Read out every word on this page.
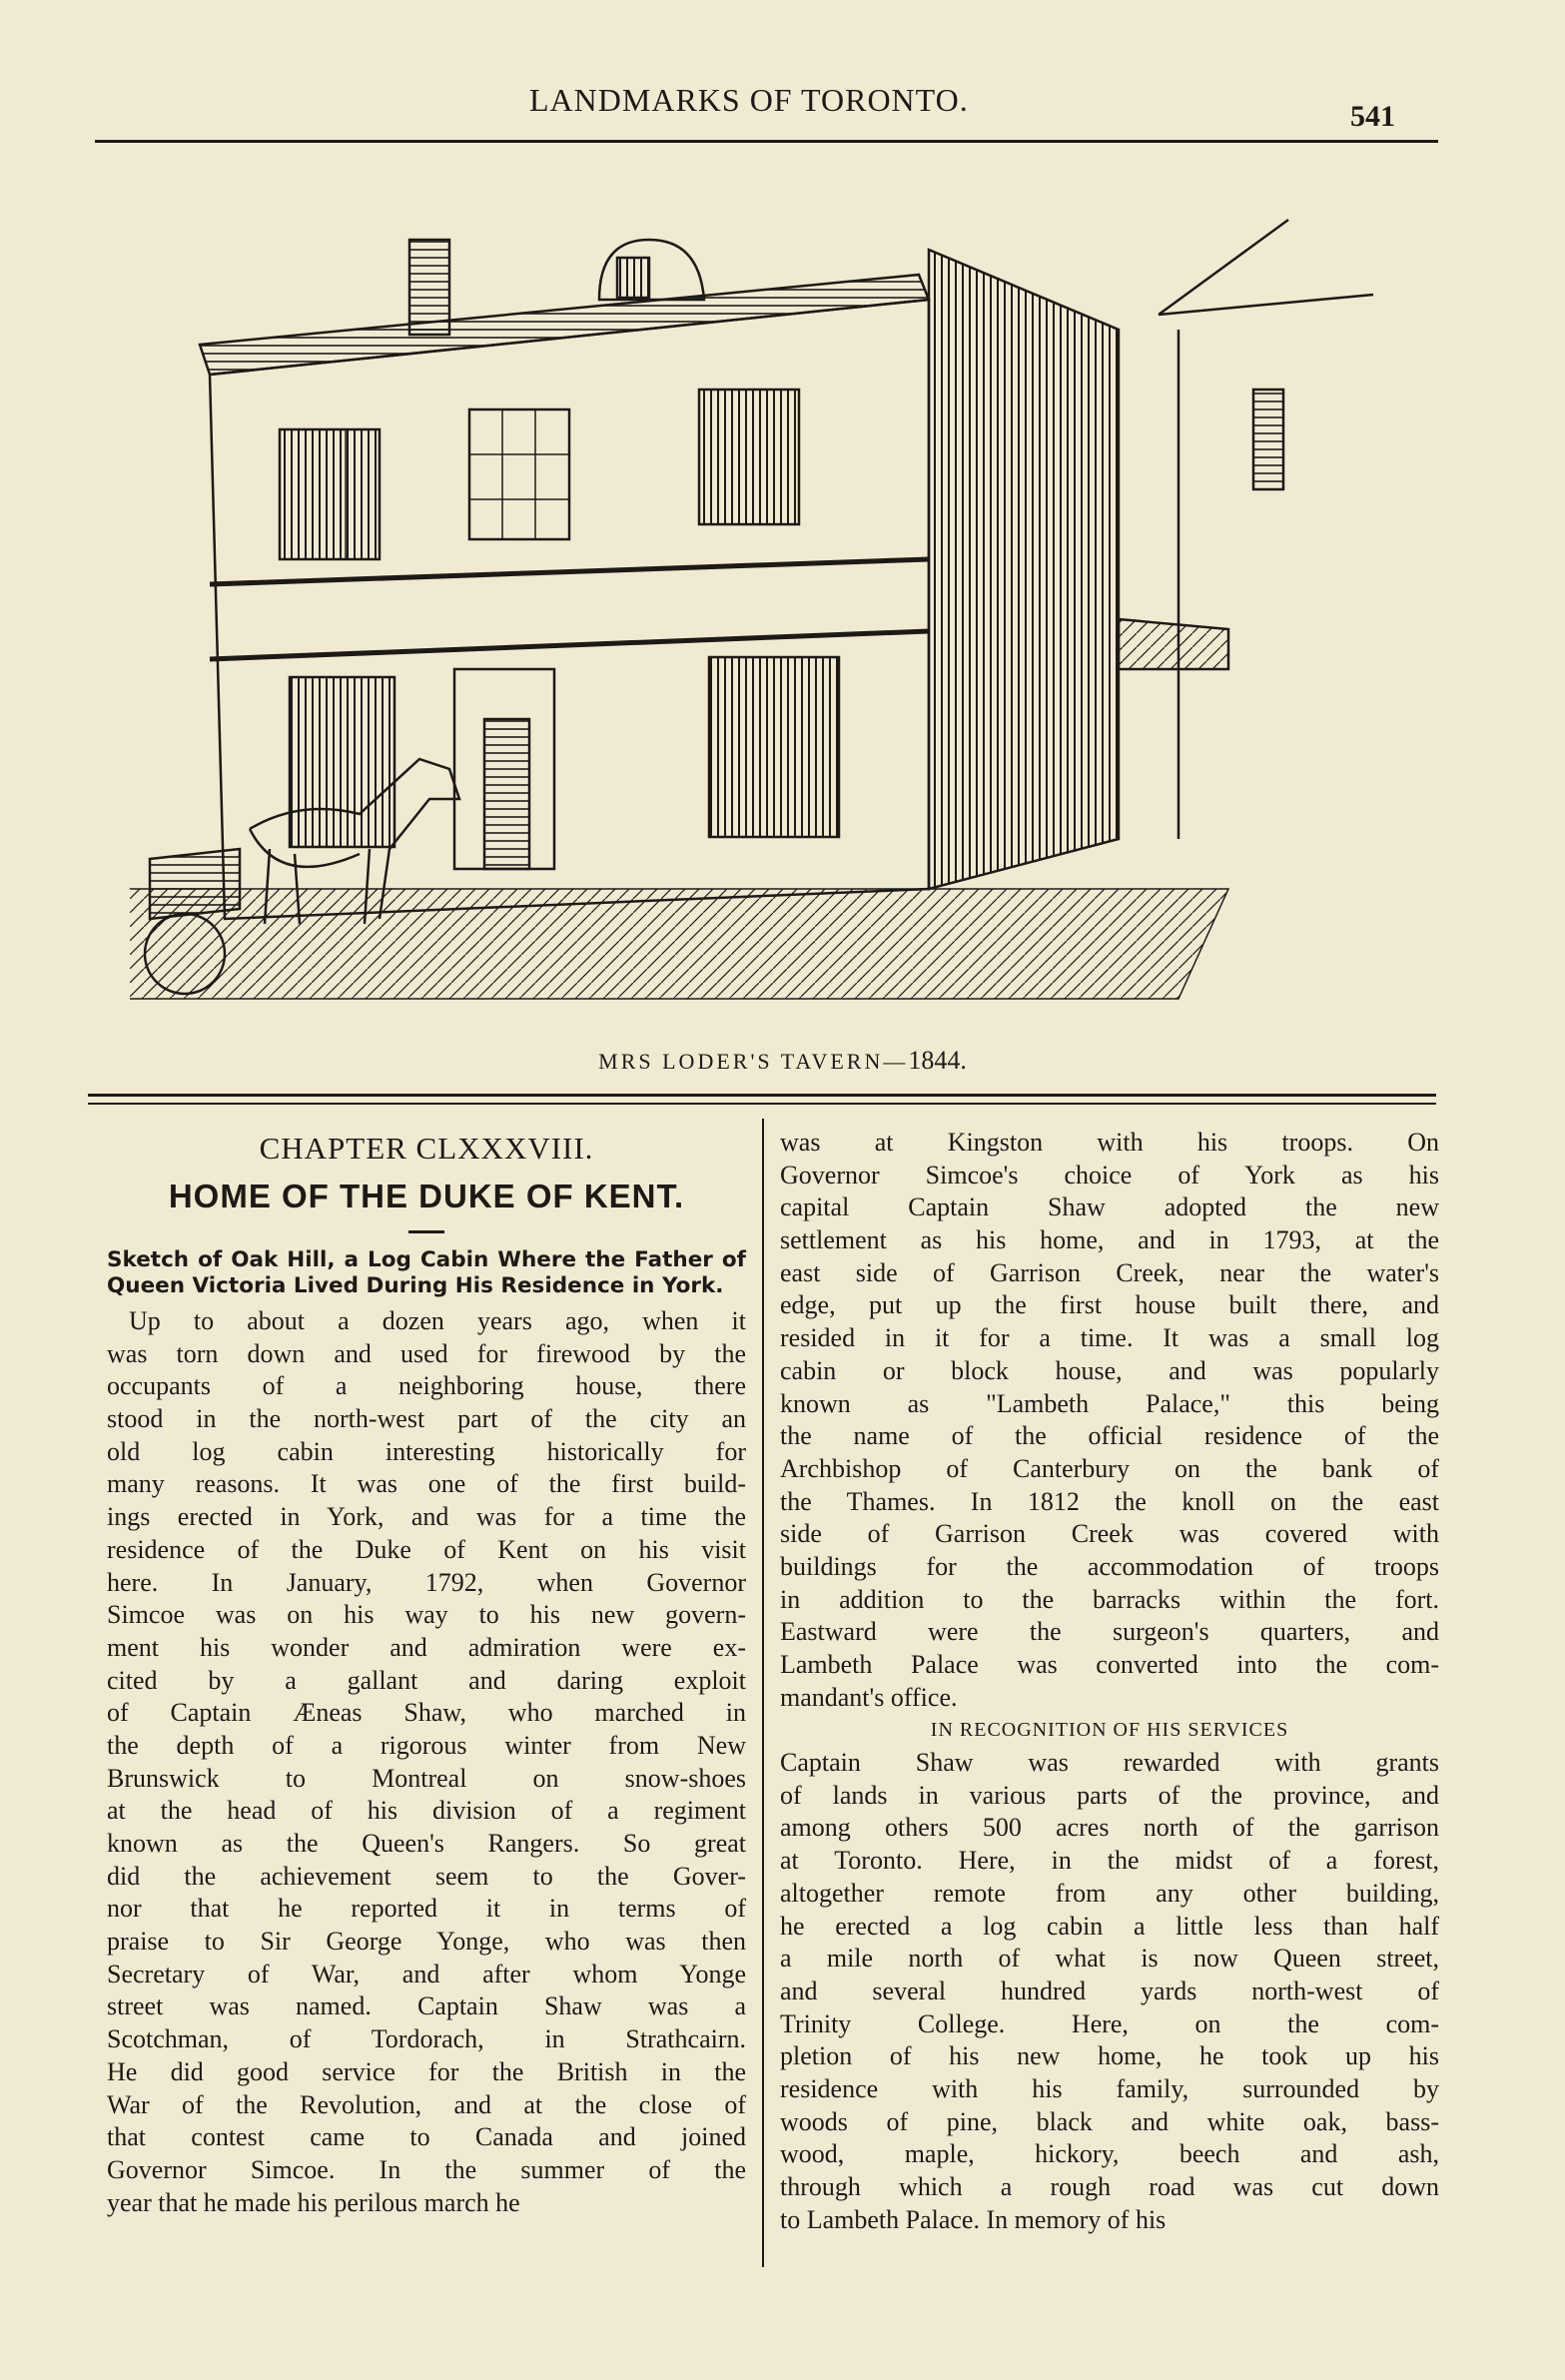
LANDMARKS OF TORONTO.	541
MRS LODER'S TAVERN—1844.

CHAPTER CLXXXVIII.

HOME OF THE DUKE OF KENT.

Sketch of Oak Hill, a Log Cabin Where the Father of Queen Victoria Lived During His Residence in York.

Up to about a dozen years ago, when it
was torn down and used for firewood by the
occupants of a neighboring house, there
stood in the north-west part of the city an
old log cabin interesting historically for
many reasons. It was one of the first build-
ings erected in York, and was for a time the
residence of the Duke of Kent on his visit
here. In January, 1792, when Governor
Simcoe was on his way to his new govern-
ment his wonder and admiration were ex-
cited by a gallant and daring exploit
of Captain Æneas Shaw, who marched in
the depth of a rigorous winter from New
Brunswick to Montreal on snow-shoes
at the head of his division of a regiment
known as the Queen's Rangers. So great
did the achievement seem to the Gover-
nor that he reported it in terms of
praise to Sir George Yonge, who was then
Secretary of War, and after whom Yonge
street was named. Captain Shaw was a
Scotchman, of Tordorach, in Strathcairn.
He did good service for the British in the
War of the Revolution, and at the close of
that contest came to Canada and joined
Governor Simcoe. In the summer of the
year that he made his perilous march he
was at Kingston with his troops. On
Governor Simcoe's choice of York as his
capital Captain Shaw adopted the new
settlement as his home, and in 1793, at the
east side of Garrison Creek, near the water's
edge, put up the first house built there, and
resided in it for a time. It was a small log
cabin or block house, and was popularly
known as "Lambeth Palace," this being
the name of the official residence of the
Archbishop of Canterbury on the bank of
the Thames. In 1812 the knoll on the east
side of Garrison Creek was covered with
buildings for the accommodation of troops
in addition to the barracks within the fort.
Eastward were the surgeon's quarters, and
Lambeth Palace was converted into the com-
mandant's office.
IN RECOGNITION OF HIS SERVICES
Captain Shaw was rewarded with grants
of lands in various parts of the province, and
among others 500 acres north of the garrison
at Toronto. Here, in the midst of a forest,
altogether remote from any other building,
he erected a log cabin a little less than half
a mile north of what is now Queen street,
and several hundred yards north-west of
Trinity College. Here, on the com-
pletion of his new home, he took up his
residence with his family, surrounded by
woods of pine, black and white oak, bass-
wood, maple, hickory, beech and ash,
through which a rough road was cut down
to Lambeth Palace. In memory of his
